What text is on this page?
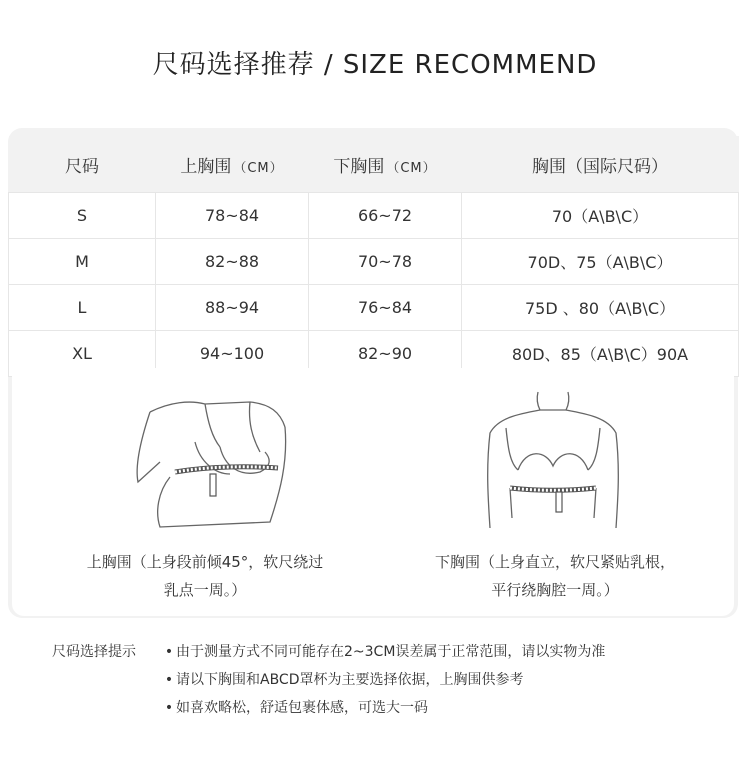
尺码选择推荐 / SIZE RECOMMEND
尺码	上胸围 （CM）	下胸围 （CM）	胸围（国际尺码）
S	78~84	66~72	70（A\B\C）
M	82~88	70~78	70D、75（A\B\C）
L	88~94	76~84	75D 、80（A\B\C）
XL	94~100	82~90	80D、85（A\B\C）90A
上胸围（上身段前倾45°，软尺绕过
乳点一周。）
下胸围（上身直立，软尺紧贴乳根，
平行绕胸腔一周。）
尺码选择提示	• 由于测量方式不同可能存在2~3CM误差属于正常范围，请以实物为准
• 请以下胸围和ABCD罩杯为主要选择依据，上胸围供参考
• 如喜欢略松，舒适包裹体感，可选大一码
